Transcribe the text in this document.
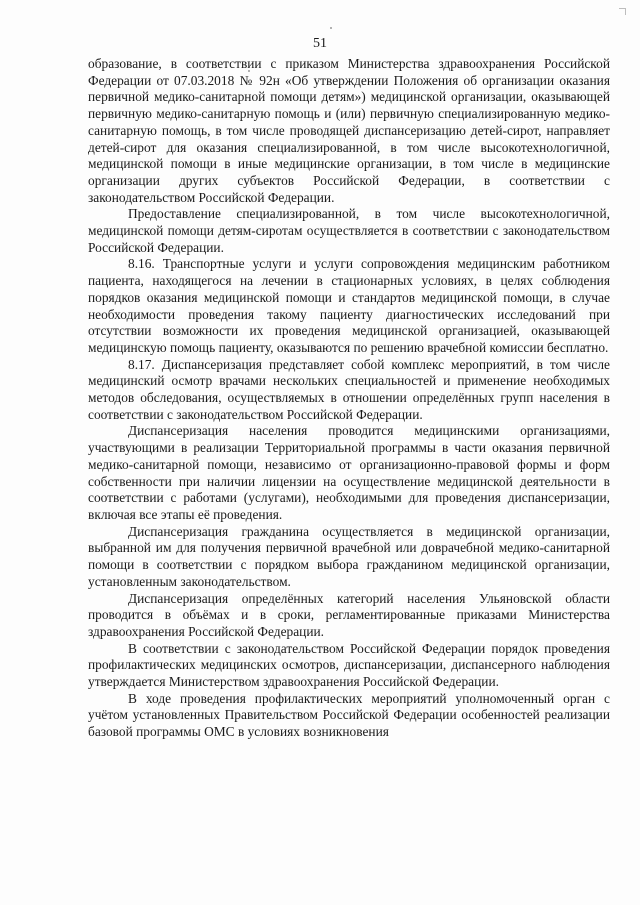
51

образование, в соответствии с приказом Министерства здравоохранения Российской Федерации от 07.03.2018 № 92н «Об утверждении Положения об организации оказания первичной медико-санитарной помощи детям») медицинской организации, оказывающей первичную медико-санитарную помощь и (или) первичную специализированную медико-санитарную помощь, в том числе проводящей диспансеризацию детей-сирот, направляет детей-сирот для оказания специализированной, в том числе высокотехнологичной, медицинской помощи в иные медицинские организации, в том числе в медицинские организации других субъектов Российской Федерации, в соответствии с законодательством Российской Федерации.

Предоставление специализированной, в том числе высокотехнологичной, медицинской помощи детям-сиротам осуществляется в соответствии с законодательством Российской Федерации.

8.16. Транспортные услуги и услуги сопровождения медицинским работником пациента, находящегося на лечении в стационарных условиях, в целях соблюдения порядков оказания медицинской помощи и стандартов медицинской помощи, в случае необходимости проведения такому пациенту диагностических исследований при отсутствии возможности их проведения медицинской организацией, оказывающей медицинскую помощь пациенту, оказываются по решению врачебной комиссии бесплатно.

8.17. Диспансеризация представляет собой комплекс мероприятий, в том числе медицинский осмотр врачами нескольких специальностей и применение необходимых методов обследования, осуществляемых в отношении определённых групп населения в соответствии с законодательством Российской Федерации.

Диспансеризация населения проводится медицинскими организациями, участвующими в реализации Территориальной программы в части оказания первичной медико-санитарной помощи, независимо от организационно-правовой формы и форм собственности при наличии лицензии на осуществление медицинской деятельности в соответствии с работами (услугами), необходимыми для проведения диспансеризации, включая все этапы её проведения.

Диспансеризация гражданина осуществляется в медицинской организации, выбранной им для получения первичной врачебной или доврачебной медико-санитарной помощи в соответствии с порядком выбора гражданином медицинской организации, установленным законодательством.

Диспансеризация определённых категорий населения Ульяновской области проводится в объёмах и в сроки, регламентированные приказами Министерства здравоохранения Российской Федерации.

В соответствии с законодательством Российской Федерации порядок проведения профилактических медицинских осмотров, диспансеризации, диспансерного наблюдения утверждается Министерством здравоохранения Российской Федерации.

В ходе проведения профилактических мероприятий уполномоченный орган с учётом установленных Правительством Российской Федерации особенностей реализации базовой программы ОМС в условиях возникновения
